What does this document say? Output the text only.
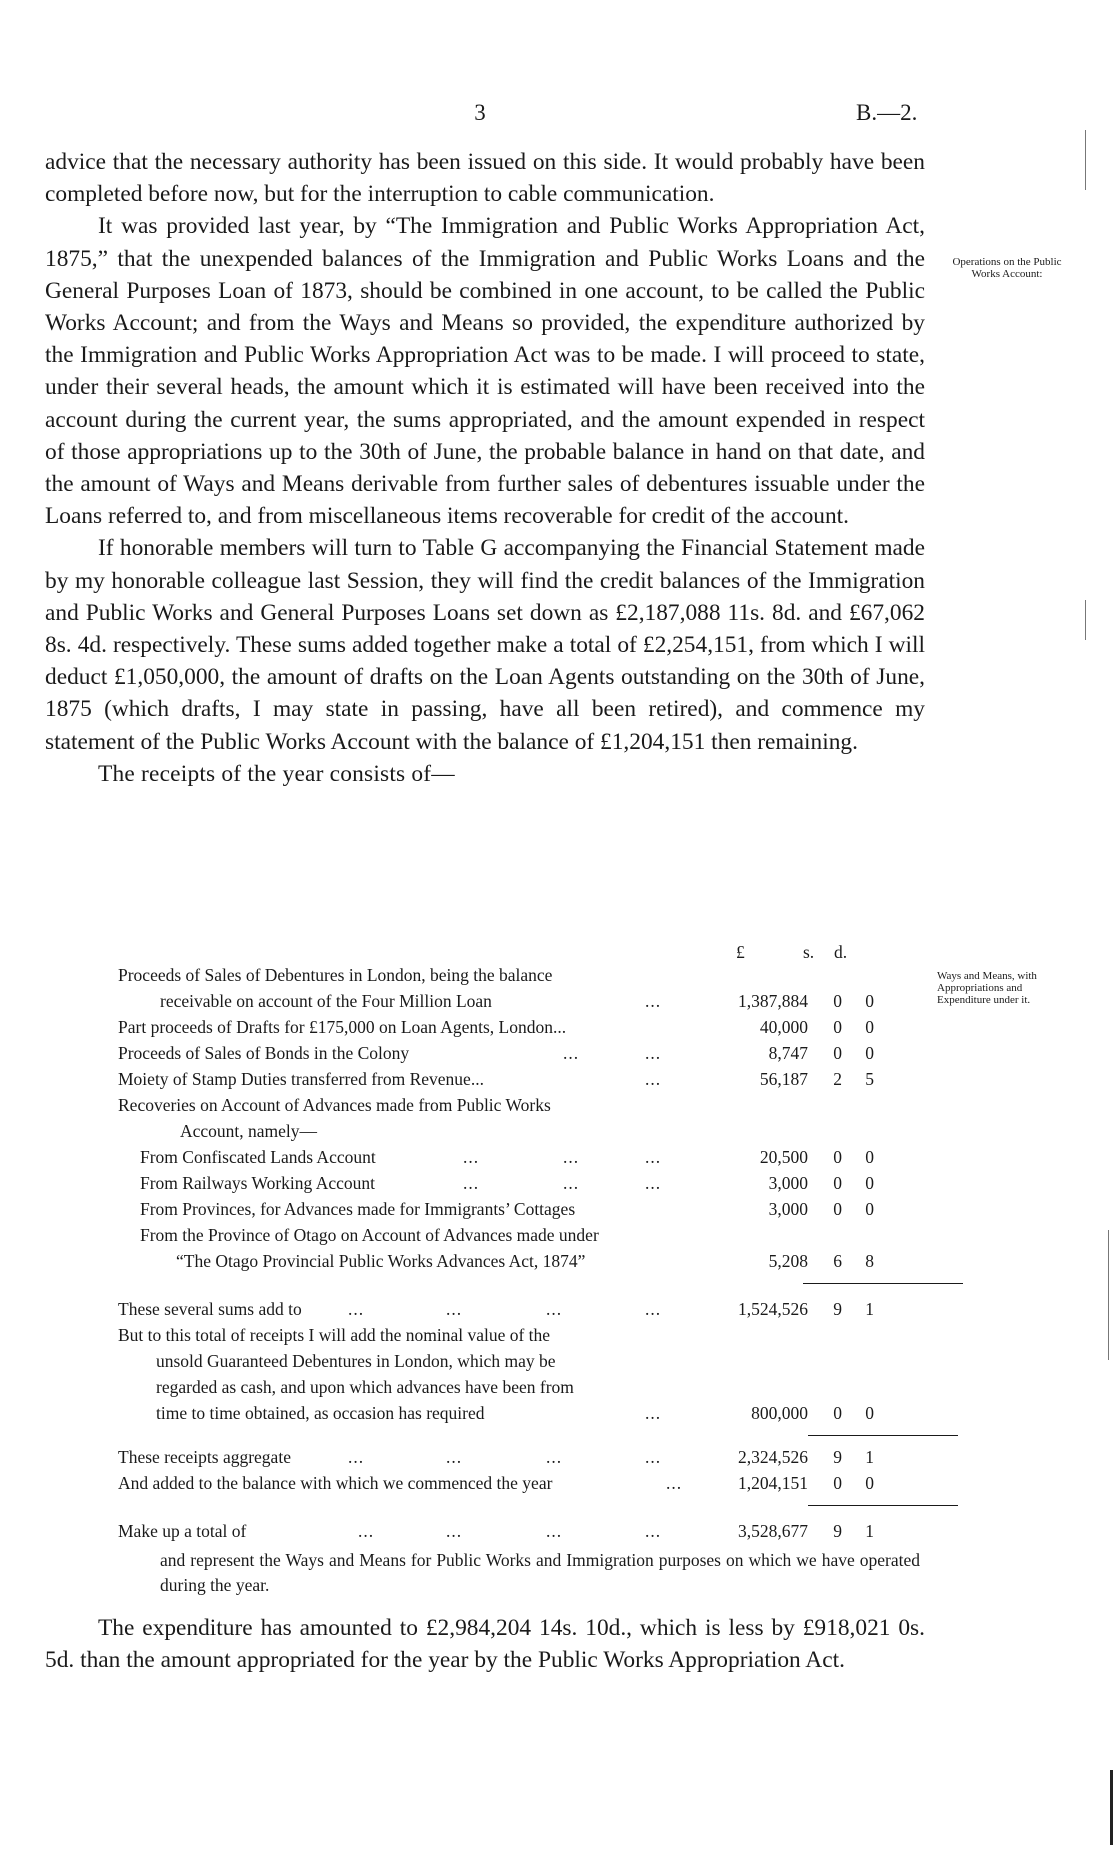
3	B.—2.

advice that the necessary authority has been issued on this side. It would probably have been completed before now, but for the interruption to cable communication.

It was provided last year, by “The Immigration and Public Works Appropriation Act, 1875,” that the unexpended balances of the Immigration and Public Works Loans and the General Purposes Loan of 1873, should be combined in one account, to be called the Public Works Account; and from the Ways and Means so provided, the expenditure authorized by the Immigration and Public Works Appropriation Act was to be made. I will proceed to state, under their several heads, the amount which it is estimated will have been received into the account during the current year, the sums appropriated, and the amount expended in respect of those appropriations up to the 30th of June, the probable balance in hand on that date, and the amount of Ways and Means derivable from further sales of debentures issuable under the Loans referred to, and from miscellaneous items recoverable for credit of the account.

If honorable members will turn to Table G accompanying the Financial Statement made by my honorable colleague last Session, they will find the credit balances of the Immigration and Public Works and General Purposes Loans set down as £2,187,088 11s. 8d. and £67,062 8s. 4d. respectively. These sums added together make a total of £2,254,151, from which I will deduct £1,050,000, the amount of drafts on the Loan Agents outstanding on the 30th of June, 1875 (which drafts, I may state in passing, have all been retired), and commence my statement of the Public Works Account with the balance of £1,204,151 then remaining.

The receipts of the year consists of—

Operations on the Public Works Account:
Ways and Means, with Appropriations and Expenditure under it.
£	s. d.
Proceeds of Sales of Debentures in London, being the balance
receivable on account of the Four Million Loan	...	1,387,884	0	0
Part proceeds of Drafts for £175,000 on Loan Agents, London...	40,000	0	0
Proceeds of Sales of Bonds in the Colony	...	...	8,747	0	0
Moiety of Stamp Duties transferred from Revenue...	...	56,187	2	5
Recoveries on Account of Advances made from Public Works
Account, namely—
From Confiscated Lands Account	...	...	...	20,500	0	0
From Railways Working Account	...	...	...	3,000	0	0
From Provinces, for Advances made for Immigrants’ Cottages	3,000	0	0
From the Province of Otago on Account of Advances made under
“The Otago Provincial Public Works Advances Act, 1874”	5,208	6	8
These several sums add to	...	...	...	...	1,524,526	9	1
But to this total of receipts I will add the nominal value of the
unsold Guaranteed Debentures in London, which may be
regarded as cash, and upon which advances have been from
time to time obtained, as occasion has required	...	800,000	0	0
These receipts aggregate	...	...	...	...	2,324,526	9	1
And added to the balance with which we commenced the year	...	1,204,151	0	0
Make up a total of	...	...	...	...	3,528,677	9	1
and represent the Ways and Means for Public Works and Immigration purposes on which we have operated during the year.

The expenditure has amounted to £2,984,204 14s. 10d., which is less by £918,021 0s. 5d. than the amount appropriated for the year by the Public Works Appropriation Act.
